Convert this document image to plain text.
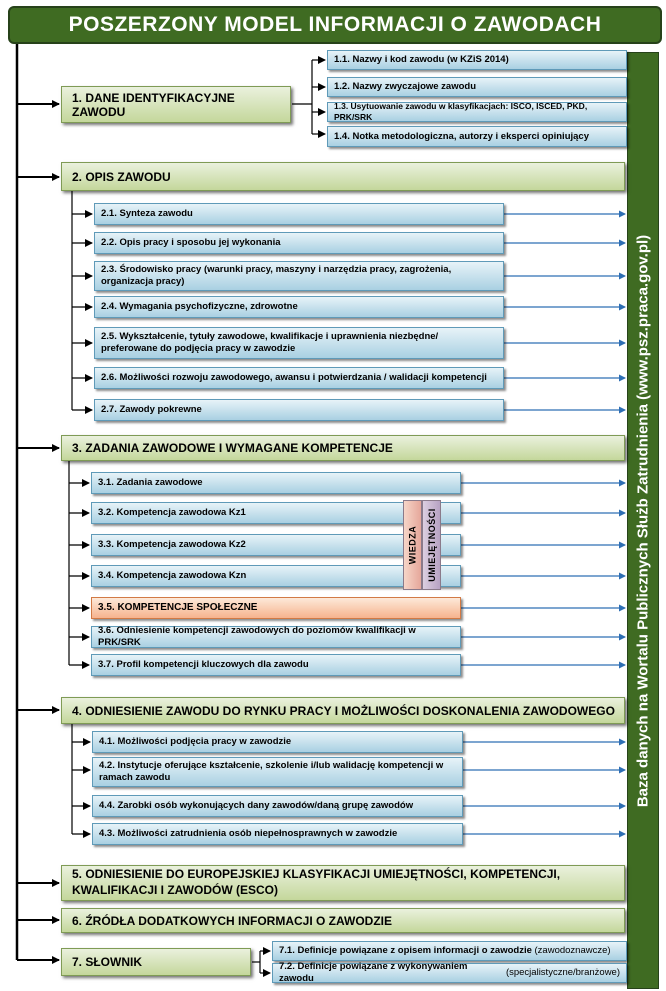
POSZERZONY MODEL INFORMACJI O ZAWODACH
Baza danych na Wortalu Publicznych Służb Zatrudnienia (www.psz.praca.gov.pl)
1. DANE IDENTYFIKACYJNE ZAWODU
1.1. Nazwy i kod zawodu (w KZiS 2014)
1.2. Nazwy zwyczajowe zawodu
1.3. Usytuowanie zawodu w klasyfikacjach: ISCO, ISCED, PKD, PRK/SRK
1.4. Notka metodologiczna, autorzy i eksperci opiniujący
2. OPIS ZAWODU
2.1. Synteza zawodu
2.2. Opis pracy i sposobu jej wykonania
2.3. Środowisko pracy (warunki pracy, maszyny i narzędzia pracy, zagrożenia, organizacja pracy)
2.4. Wymagania psychofizyczne, zdrowotne
2.5. Wykształcenie, tytuły zawodowe, kwalifikacje i uprawnienia niezbędne/ preferowane do podjęcia pracy w zawodzie
2.6. Możliwości rozwoju zawodowego, awansu i potwierdzania / walidacji kompetencji
2.7. Zawody pokrewne
3. ZADANIA ZAWODOWE I WYMAGANE KOMPETENCJE
3.1. Zadania zawodowe
3.2. Kompetencja zawodowa Kz1
3.3. Kompetencja zawodowa Kz2
3.4. Kompetencja zawodowa Kzn
3.5. KOMPETENCJE SPOŁECZNE
3.6. Odniesienie kompetencji zawodowych do poziomów kwalifikacji w PRK/SRK
3.7. Profil kompetencji kluczowych dla zawodu
WIEDZA UMIEJĘTNOŚCI
4. ODNIESIENIE ZAWODU DO RYNKU PRACY I MOŻLIWOŚCI DOSKONALENIA ZAWODOWEGO
4.1. Możliwości podjęcia pracy w zawodzie
4.2. Instytucje oferujące kształcenie, szkolenie i/lub walidację kompetencji w ramach zawodu
4.4. Zarobki osób wykonujących dany zawodów/daną grupę zawodów
4.3. Możliwości zatrudnienia osób niepełnosprawnych w zawodzie
5. ODNIESIENIE DO EUROPEJSKIEJ KLASYFIKACJI UMIEJĘTNOŚCI, KOMPETENCJI, KWALIFIKACJI I ZAWODÓW (ESCO)
6. ŹRÓDŁA DODATKOWYCH INFORMACJI O ZAWODZIE
7. SŁOWNIK
7.1. Definicje powiązane z opisem informacji o zawodzie
(zawodoznawcze)
7.2. Definicje powiązane z wykonywaniem zawodu

(specjalistyczne/branżowe)
